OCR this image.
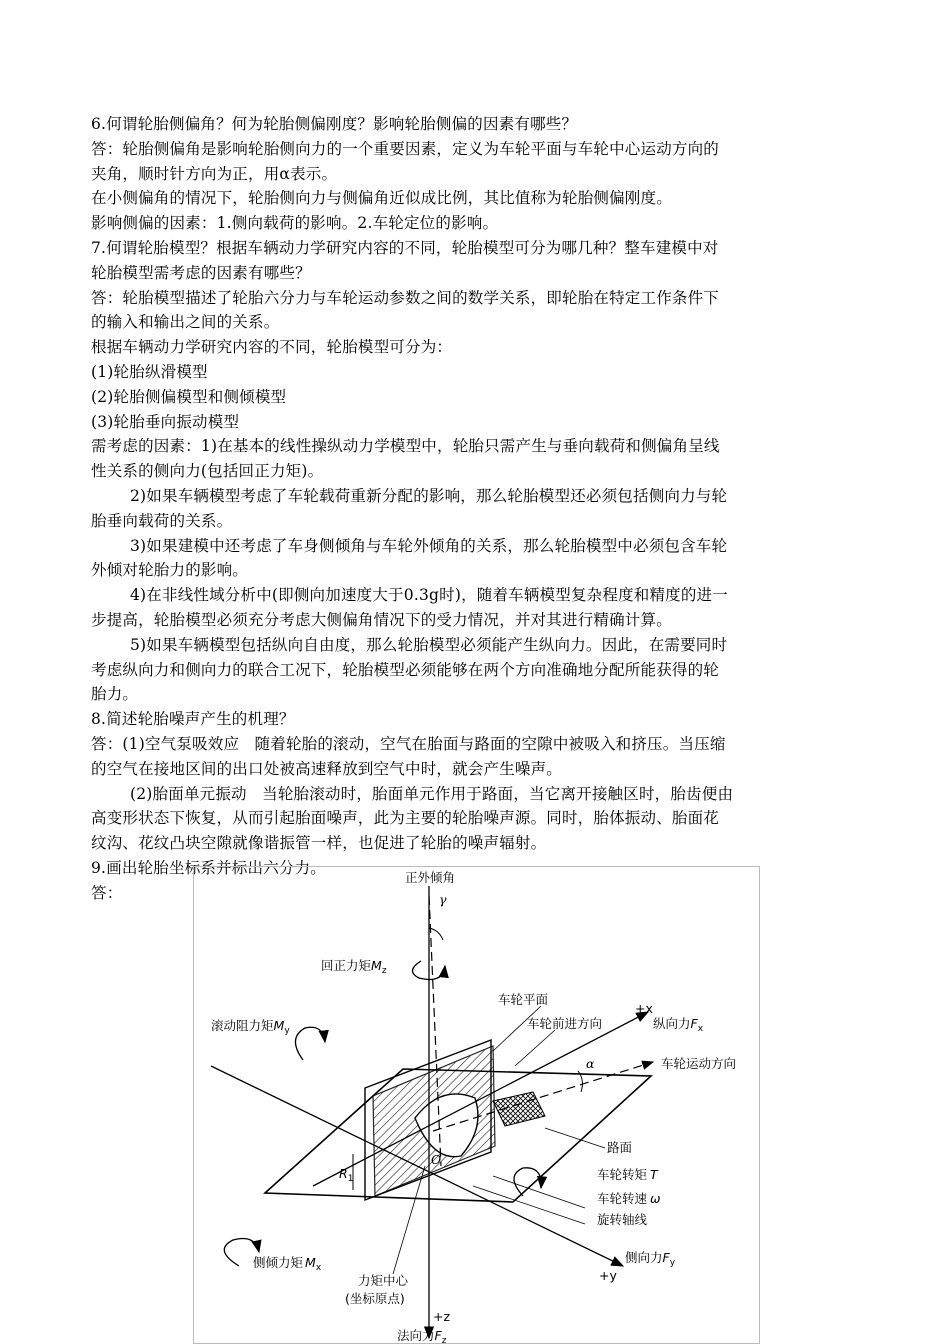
6.何谓轮胎侧偏角？何为轮胎侧偏刚度？影响轮胎侧偏的因素有哪些？
答：轮胎侧偏角是影响轮胎侧向力的一个重要因素，定义为车轮平面与车轮中心运动方向的
夹角，顺时针方向为正，用α表示。
在小侧偏角的情况下，轮胎侧向力与侧偏角近似成比例，其比值称为轮胎侧偏刚度。
影响侧偏的因素：1.侧向载荷的影响。2.车轮定位的影响。
7.何谓轮胎模型？根据车辆动力学研究内容的不同，轮胎模型可分为哪几种？整车建模中对
轮胎模型需考虑的因素有哪些？
答：轮胎模型描述了轮胎六分力与车轮运动参数之间的数学关系，即轮胎在特定工作条件下
的输入和输出之间的关系。
根据车辆动力学研究内容的不同，轮胎模型可分为：
(1)轮胎纵滑模型
(2)轮胎侧偏模型和侧倾模型
(3)轮胎垂向振动模型
需考虑的因素：1)在基本的线性操纵动力学模型中，轮胎只需产生与垂向载荷和侧偏角呈线
性关系的侧向力(包括回正力矩)。
2)如果车辆模型考虑了车轮载荷重新分配的影响，那么轮胎模型还必须包括侧向力与轮
胎垂向载荷的关系。
3)如果建模中还考虑了车身侧倾角与车轮外倾角的关系，那么轮胎模型中必须包含车轮
外倾对轮胎力的影响。
4)在非线性域分析中(即侧向加速度大于0.3g时)，随着车辆模型复杂程度和精度的进一
步提高，轮胎模型必须充分考虑大侧偏角情况下的受力情况，并对其进行精确计算。
5)如果车辆模型包括纵向自由度，那么轮胎模型必须能产生纵向力。因此，在需要同时
考虑纵向力和侧向力的联合工况下，轮胎模型必须能够在两个方向准确地分配所能获得的轮
胎力。
8.简述轮胎噪声产生的机理？
答：(1)空气泵吸效应   随着轮胎的滚动，空气在胎面与路面的空隙中被吸入和挤压。当压缩
的空气在接地区间的出口处被高速释放到空气中时，就会产生噪声。
(2)胎面单元振动   当轮胎滚动时，胎面单元作用于路面，当它离开接触区时，胎齿便由
高变形状态下恢复，从而引起胎面噪声，此为主要的轮胎噪声源。同时，胎体振动、胎面花
纹沟、花纹凸块空隙就像谐振管一样，也促进了轮胎的噪声辐射。
9.画出轮胎坐标系并标出六分力。
答：
正外倾角
γ
回正力矩$M_z$
车轮平面
+x
滚动阻力矩$M_y$	车轮前进方向	纵向力$F_x$
α	车轮运动方向
路面
O
$R_1$	车轮转矩 T
车轮转速 ω
旋转轴线
侧倾力矩 $M_x$
侧向力$F_y$
+y
力矩中心
(坐标原点)
+z
法向力$F_z$
